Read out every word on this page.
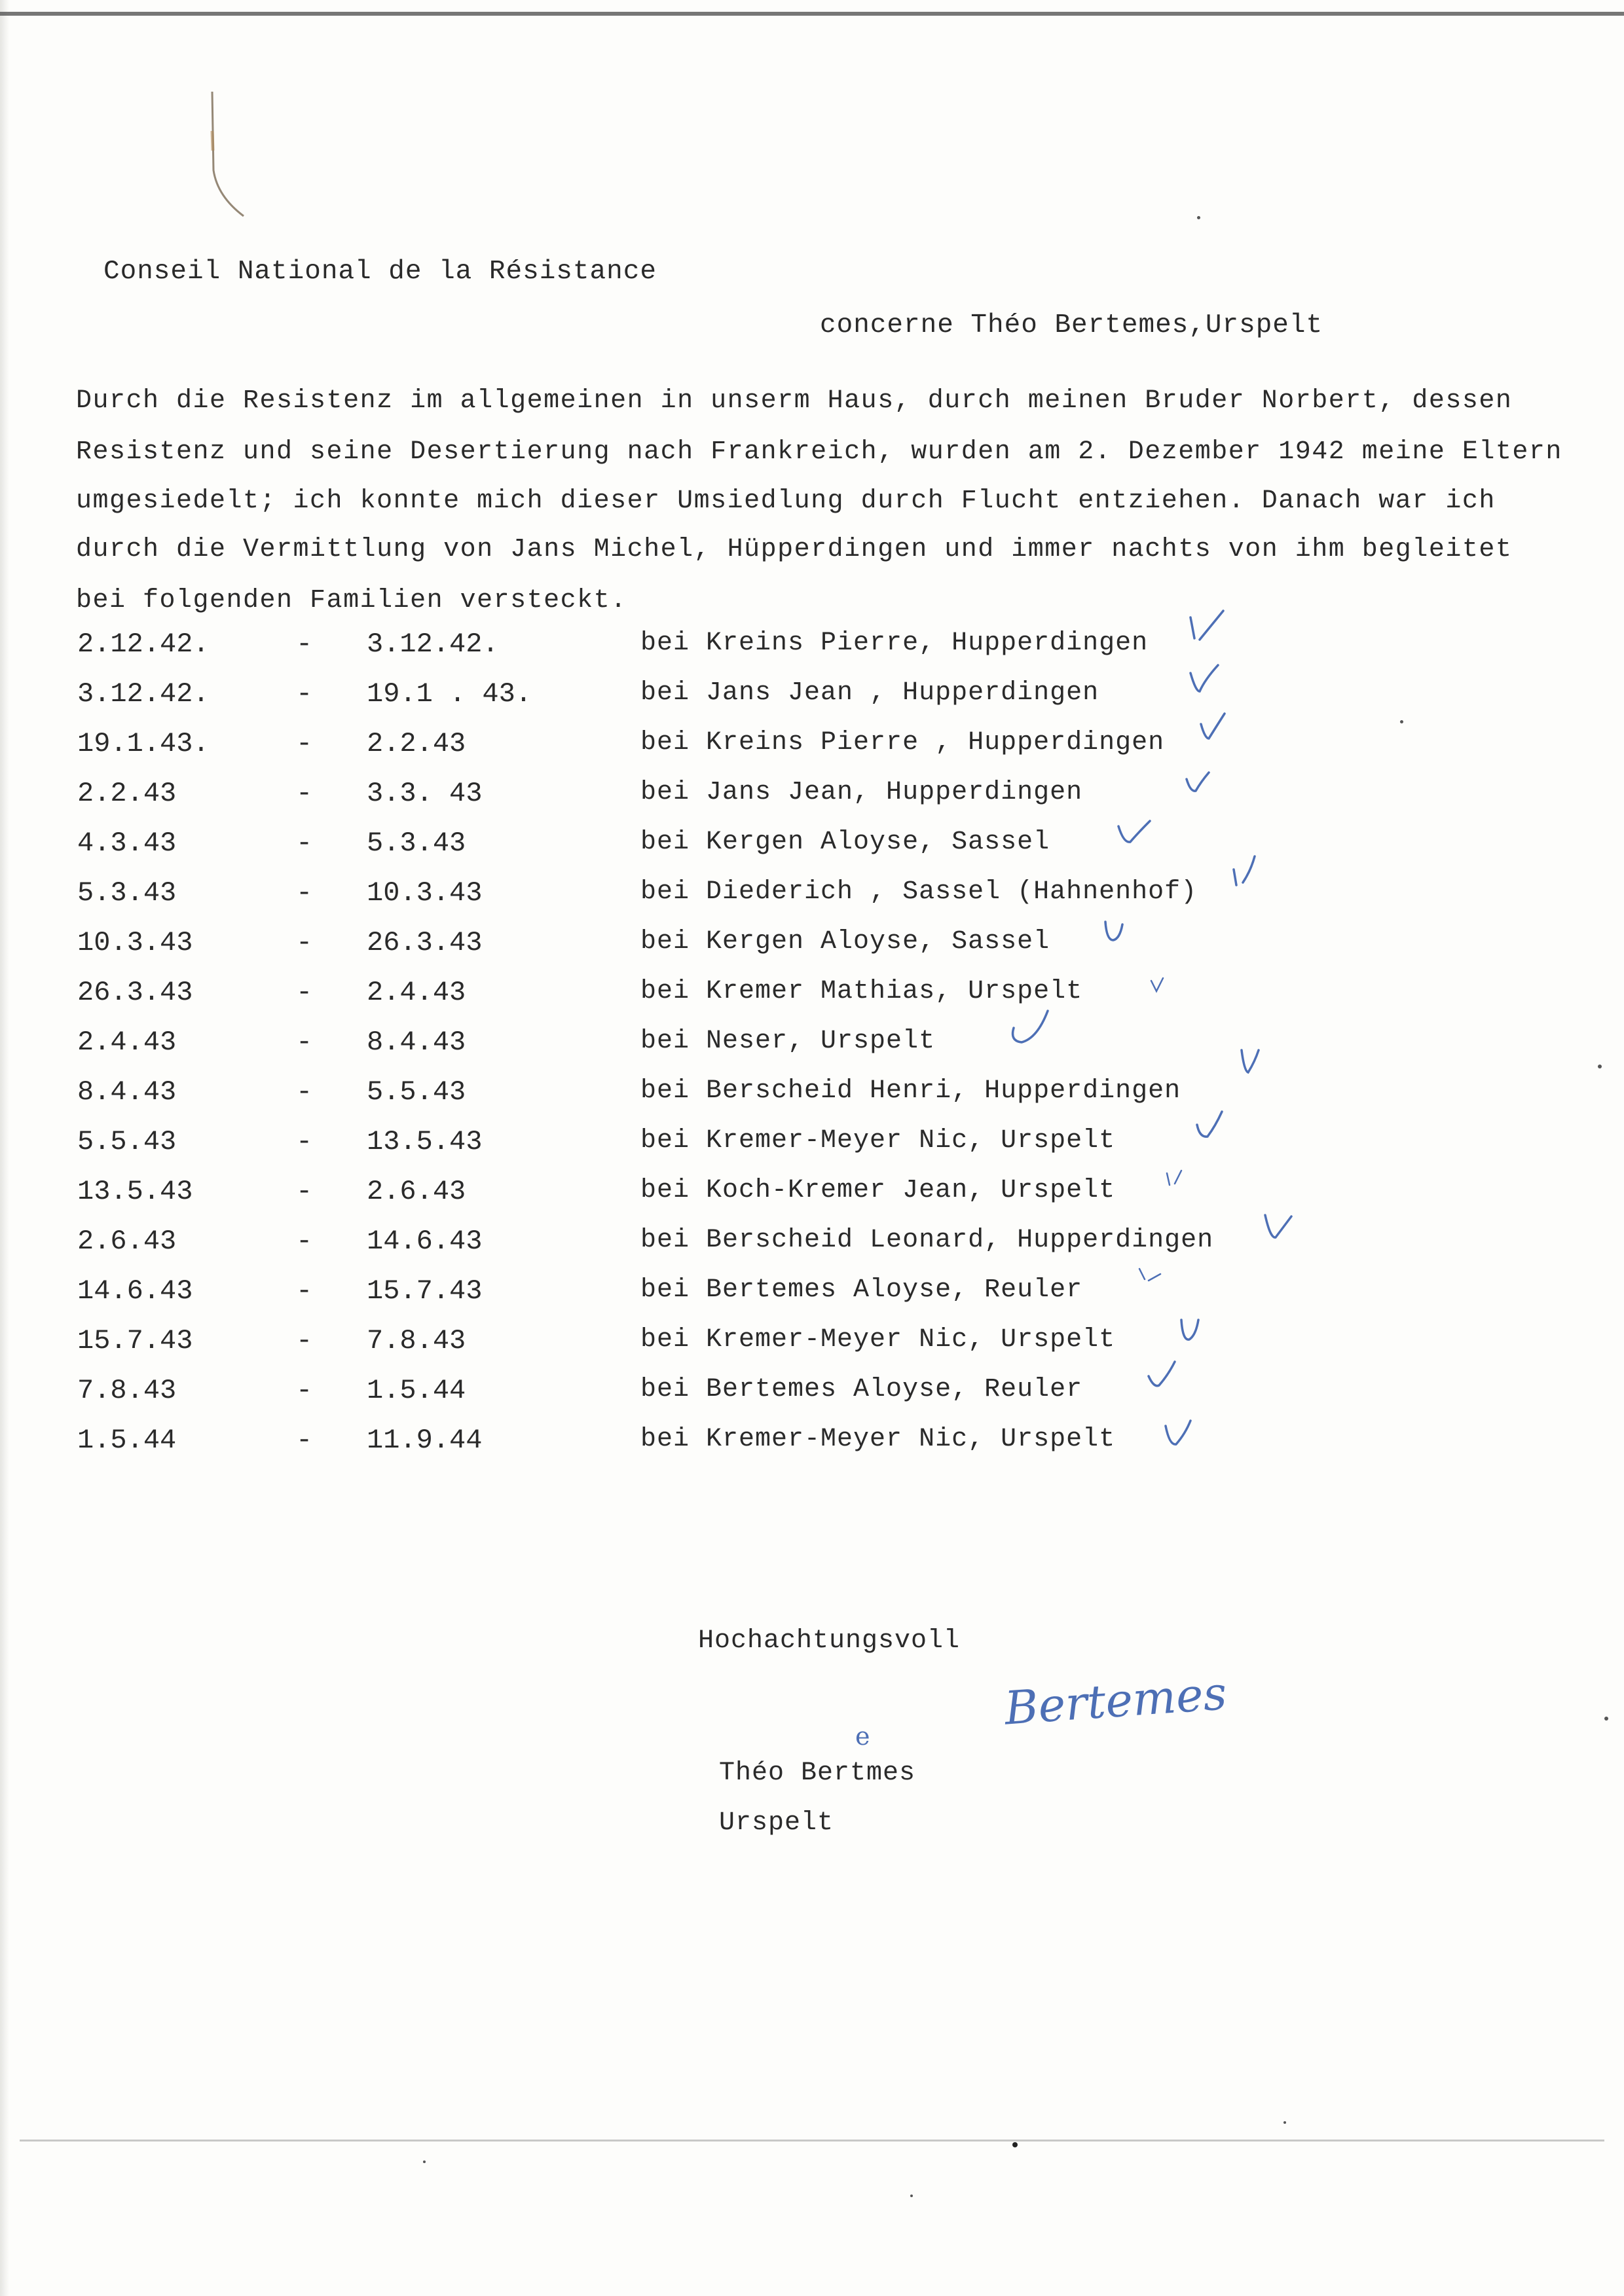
Conseil National de la Résistance
concerne Théo Bertemes,Urspelt
Durch die Resistenz im allgemeinen in unserm Haus, durch meinen Bruder Norbert, dessen
Resistenz und seine Desertierung nach Frankreich, wurden am 2. Dezember 1942 meine Eltern
umgesiedelt; ich konnte mich dieser Umsiedlung durch Flucht entziehen. Danach war ich
durch die Vermittlung von Jans Michel, Hüpperdingen und immer nachts von ihm begleitet
bei folgenden Familien versteckt.
2.12.42.	- 3.12.42.	bei Kreins Pierre, Hupperdingen
3.12.42.	- 19.1 . 43.	bei Jans Jean , Hupperdingen
19.1.43.	- 2.2.43	bei Kreins Pierre , Hupperdingen
2.2.43	- 3.3. 43	bei Jans Jean, Hupperdingen
4.3.43	- 5.3.43	bei Kergen Aloyse, Sassel
5.3.43	- 10.3.43	bei Diederich , Sassel (Hahnenhof)
10.3.43	- 26.3.43	bei Kergen Aloyse, Sassel
26.3.43	- 2.4.43	bei Kremer Mathias, Urspelt
2.4.43	- 8.4.43	bei Neser, Urspelt
8.4.43	- 5.5.43	bei Berscheid Henri, Hupperdingen
5.5.43	- 13.5.43	bei Kremer-Meyer Nic, Urspelt
13.5.43	- 2.6.43	bei Koch-Kremer Jean, Urspelt
2.6.43	- 14.6.43	bei Berscheid Leonard, Hupperdingen
14.6.43	- 15.7.43	bei Bertemes Aloyse, Reuler
15.7.43	- 7.8.43	bei Kremer-Meyer Nic, Urspelt
7.8.43	- 1.5.44	bei Bertemes Aloyse, Reuler
1.5.44	- 11.9.44	bei Kremer-Meyer Nic, Urspelt
Hochachtungsvoll
Bertemes
e
Théo Bertmes
Urspelt
